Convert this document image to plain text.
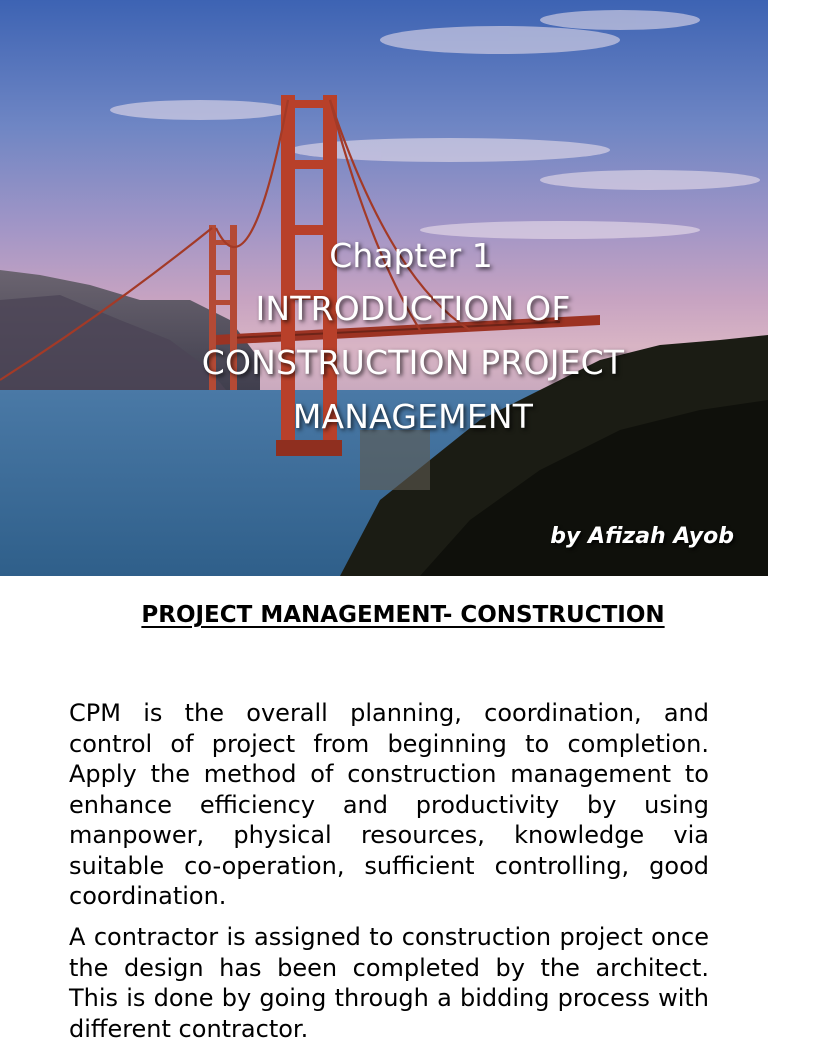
Chapter 1
INTRODUCTION OF
CONSTRUCTION PROJECT
MANAGEMENT
by Afizah Ayob
PROJECT MANAGEMENT- CONSTRUCTION

CPM is the overall planning, coordination, and control of project from beginning to completion. Apply the method of construction management to enhance efficiency and productivity by using manpower, physical resources, knowledge via suitable co-operation, sufficient controlling, good coordination.

A contractor is assigned to construction project once the design has been completed by the architect. This is done by going through a bidding process with different contractor.
